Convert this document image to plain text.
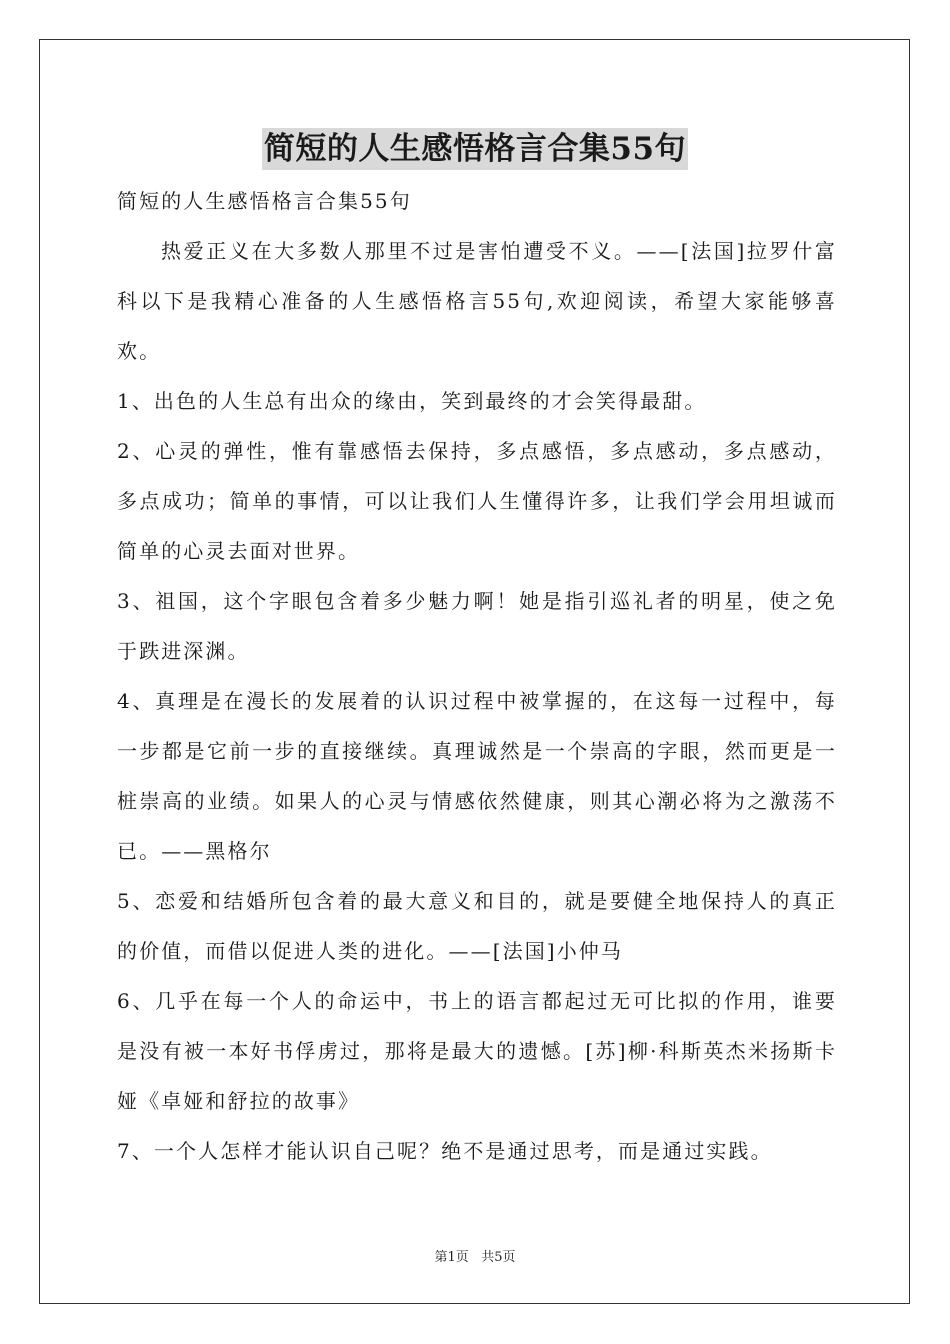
简短的人生感悟格言合集55句

简短的人生感悟格言合集55句

热爱正义在大多数人那里不过是害怕遭受不义。——[法国]拉罗什富科以下是我精心准备的人生感悟格言55句,欢迎阅读，希望大家能够喜欢。

1、出色的人生总有出众的缘由，笑到最终的才会笑得最甜。

2、心灵的弹性，惟有靠感悟去保持，多点感悟，多点感动，多点感动，多点成功；简单的事情，可以让我们人生懂得许多，让我们学会用坦诚而简单的心灵去面对世界。

3、祖国，这个字眼包含着多少魅力啊！她是指引巡礼者的明星，使之免于跌进深渊。

4、真理是在漫长的发展着的认识过程中被掌握的，在这每一过程中，每一步都是它前一步的直接继续。真理诚然是一个崇高的字眼，然而更是一桩崇高的业绩。如果人的心灵与情感依然健康，则其心潮必将为之激荡不已。——黑格尔

5、恋爱和结婚所包含着的最大意义和目的，就是要健全地保持人的真正的价值，而借以促进人类的进化。——[法国]小仲马

6、几乎在每一个人的命运中，书上的语言都起过无可比拟的作用，谁要是没有被一本好书俘虏过，那将是最大的遗憾。[苏]柳·科斯英杰米扬斯卡娅《卓娅和舒拉的故事》

7、一个人怎样才能认识自己呢？绝不是通过思考，而是通过实践。

第1页 共5页
